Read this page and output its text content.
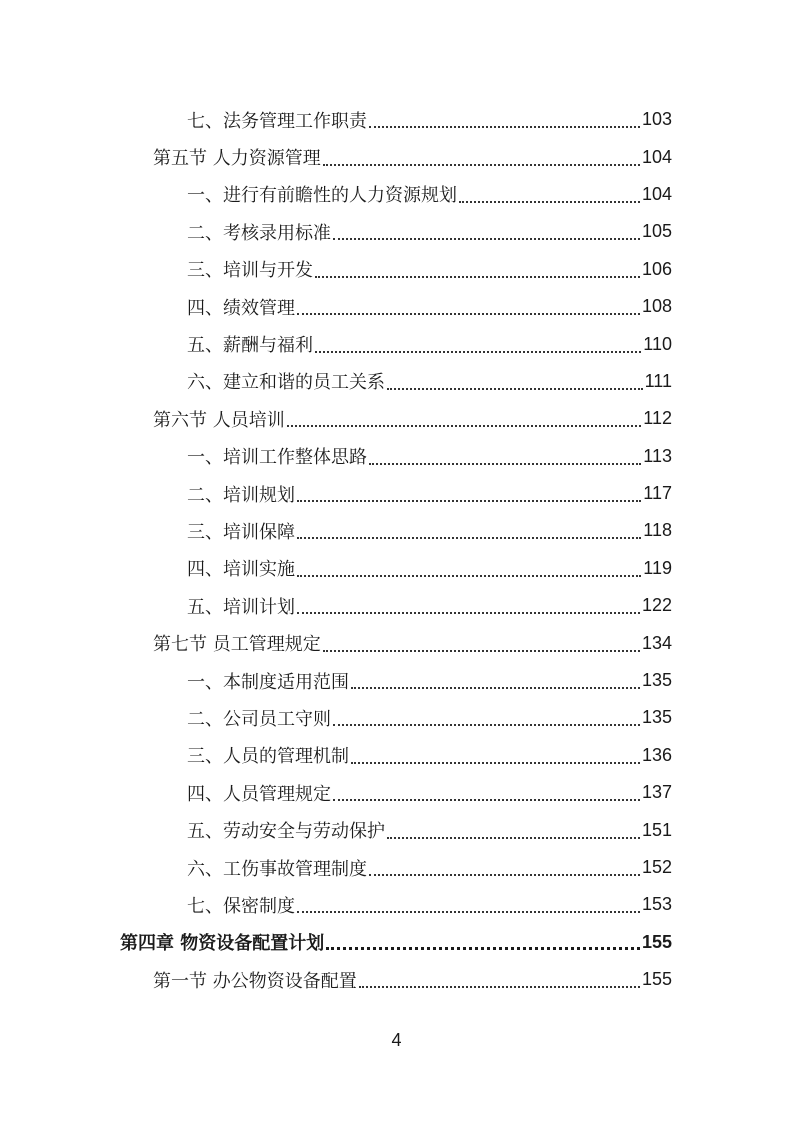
七、法务管理工作职责	103
第五节 人力资源管理	104
一、进行有前瞻性的人力资源规划	104
二、考核录用标准	105
三、培训与开发	106
四、绩效管理	108
五、薪酬与福利	110
六、建立和谐的员工关系	111
第六节 人员培训	112
一、培训工作整体思路	113
二、培训规划	117
三、培训保障	118
四、培训实施	119
五、培训计划	122
第七节 员工管理规定	134
一、本制度适用范围	135
二、公司员工守则	135
三、人员的管理机制	136
四、人员管理规定	137
五、劳动安全与劳动保护	151
六、工伤事故管理制度	152
七、保密制度	153
第四章 物资设备配置计划	155
第一节 办公物资设备配置	155
4
